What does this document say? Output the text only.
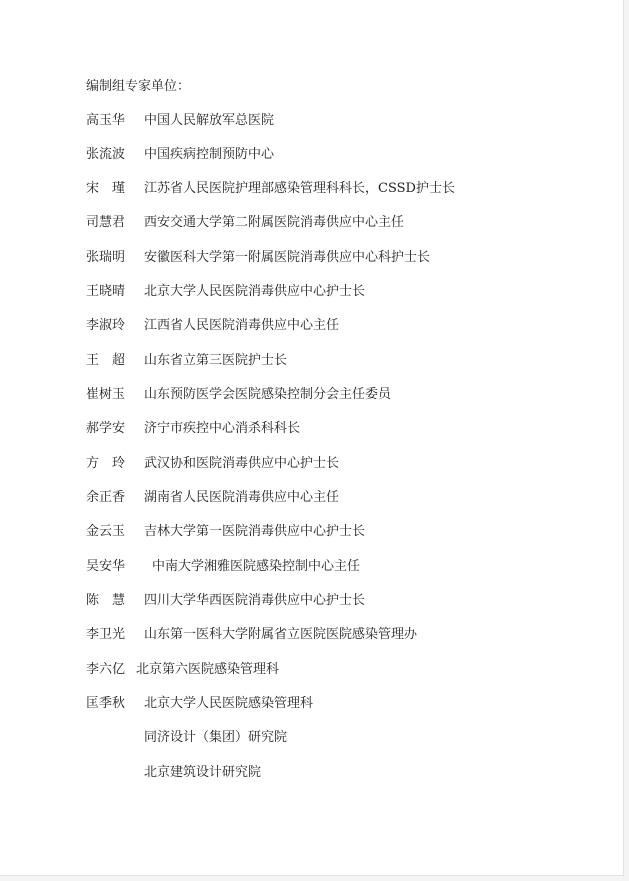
编制组专家单位：
高玉华 中国人民解放军总医院
张流波 中国疾病控制预防中心
宋　瑾 江苏省人民医院护理部感染管理科科长，CSSD护士长
司慧君 西安交通大学第二附属医院消毒供应中心主任
张瑞明 安徽医科大学第一附属医院消毒供应中心科护士长
王晓晴 北京大学人民医院消毒供应中心护士长
李淑玲 江西省人民医院消毒供应中心主任
王　超 山东省立第三医院护士长
崔树玉 山东预防医学会医院感染控制分会主任委员
郝学安 济宁市疾控中心消杀科科长
方　玲 武汉协和医院消毒供应中心护士长
余正香 湖南省人民医院消毒供应中心主任
金云玉 吉林大学第一医院消毒供应中心护士长
吴安华 中南大学湘雅医院感染控制中心主任
陈　慧 四川大学华西医院消毒供应中心护士长
李卫光 山东第一医科大学附属省立医院医院感染管理办
李六亿 北京第六医院感染管理科
匡季秋 北京大学人民医院感染管理科
同济设计（集团）研究院
北京建筑设计研究院
